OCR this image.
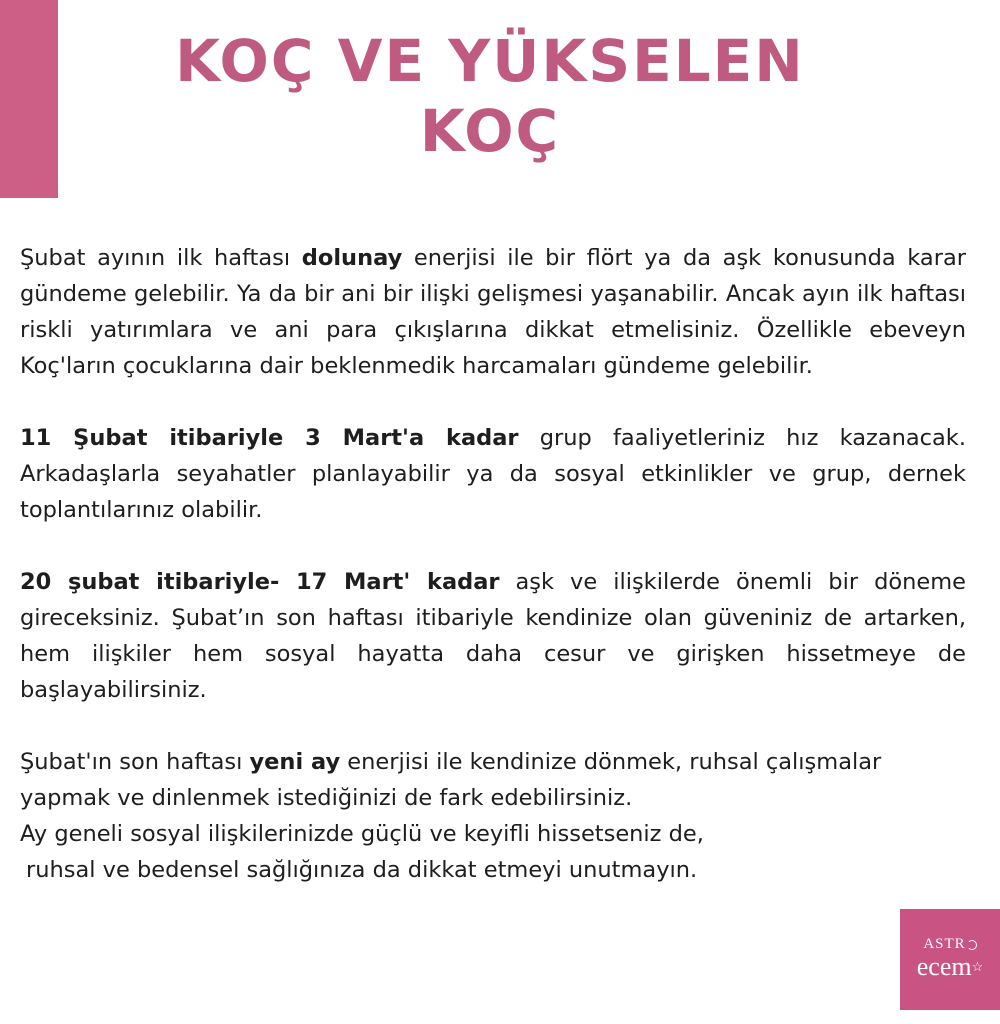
KOÇ VE YÜKSELEN
KOÇ

Şubat ayının ilk haftası dolunay enerjisi ile bir flört ya da aşk konusunda karar gündeme gelebilir. Ya da bir ani bir ilişki gelişmesi yaşanabilir. Ancak ayın ilk haftası riskli yatırımlara ve ani para çıkışlarına dikkat etmelisiniz. Özellikle ebeveyn Koç'ların çocuklarına dair beklenmedik harcamaları gündeme gelebilir.

11 Şubat itibariyle 3 Mart'a kadar grup faaliyetleriniz hız kazanacak. Arkadaşlarla seyahatler planlayabilir ya da sosyal etkinlikler ve grup, dernek toplantılarınız olabilir.

20 şubat itibariyle- 17 Mart' kadar aşk ve ilişkilerde önemli bir döneme gireceksiniz. Şubat’ın son haftası itibariyle kendinize olan güveniniz de artarken, hem ilişkiler hem sosyal hayatta daha cesur ve girişken hissetmeye de başlayabilirsiniz.

Şubat'ın son haftası yeni ay enerjisi ile kendinize dönmek, ruhsal çalışmalar yapmak ve dinlenmek istediğinizi de fark edebilirsiniz.
Ay geneli sosyal ilişkilerinizde güçlü ve keyifli hissetseniz de,
ruhsal ve bedensel sağlığınıza da dikkat etmeyi unutmayın.

ASTR
ecem☆
